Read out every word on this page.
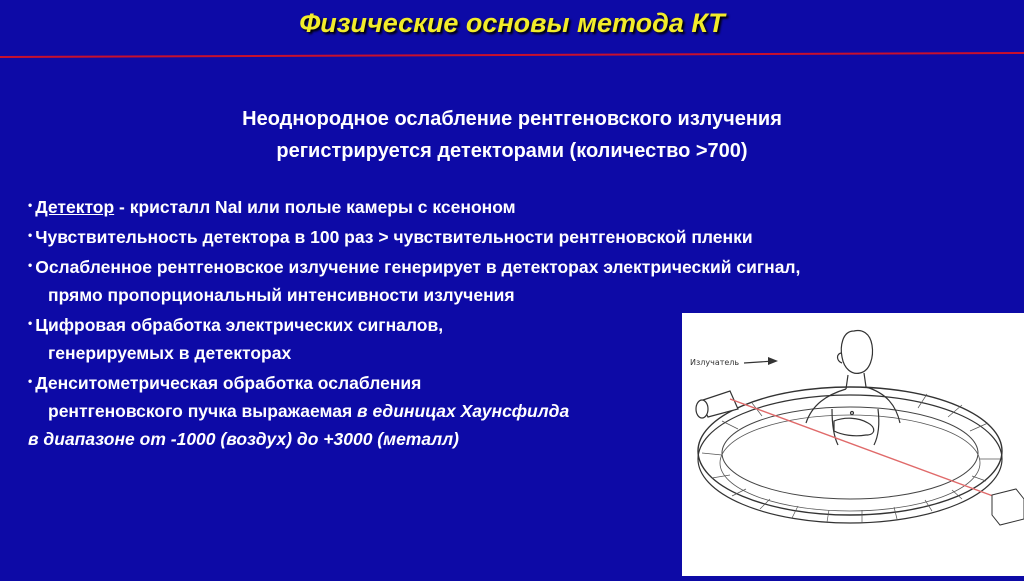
Физические основы метода КТ
Неоднородное ослабление рентгеновского излучения
регистрируется детекторами (количество >700)
• Детектор - кристалл NaI или полые камеры с ксеноном
• Чувствительность детектора в 100 раз > чувствительности рентгеновской пленки
• Ослабленное рентгеновское излучение генерирует в детекторах электрический сигнал,
прямо пропорциональный интенсивности излучения
• Цифровая обработка электрических сигналов,
генерируемых в детекторах
• Денситометрическая обработка ослабления
рентгеновского пучка выражаемая в единицах Хаунсфилда
в диапазоне от -1000 (воздух) до +3000 (металл)
Излучатель
